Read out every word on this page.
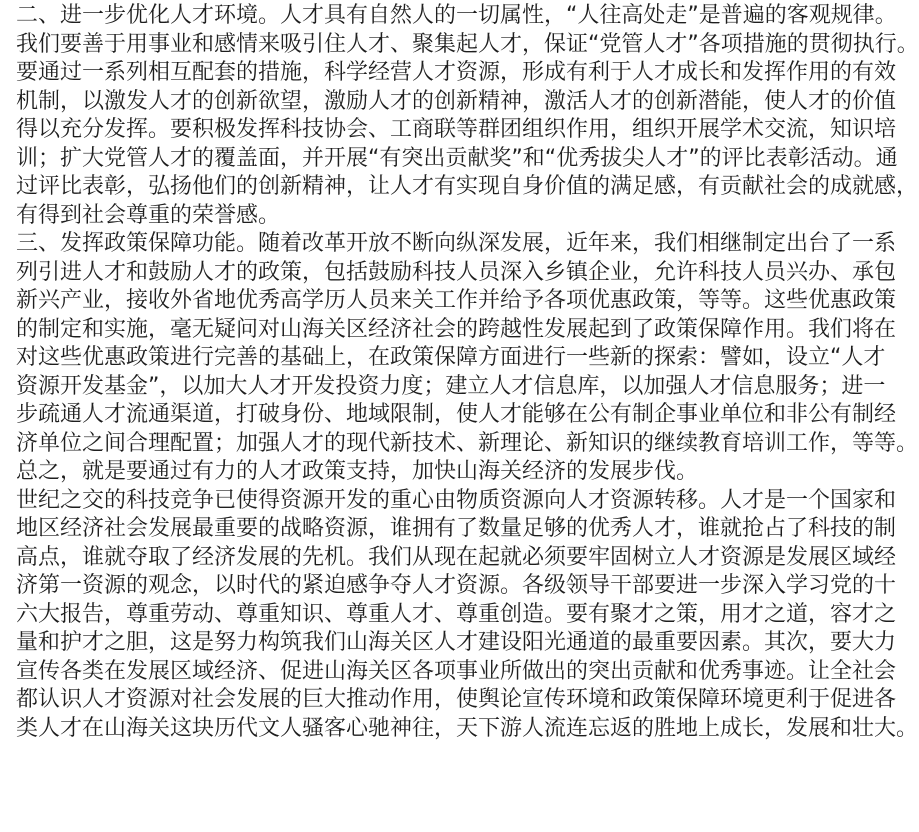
二、进一步优化人才环境。人才具有自然人的一切属性，“人往高处走”是普遍的客观规律。
我们要善于用事业和感情来吸引住人才、聚集起人才，保证“党管人才”各项措施的贯彻执行。
要通过一系列相互配套的措施，科学经营人才资源，形成有利于人才成长和发挥作用的有效
机制，以激发人才的创新欲望，激励人才的创新精神，激活人才的创新潜能，使人才的价值
得以充分发挥。要积极发挥科技协会、工商联等群团组织作用，组织开展学术交流，知识培
训；扩大党管人才的覆盖面，并开展“有突出贡献奖”和“优秀拔尖人才”的评比表彰活动。通
过评比表彰，弘扬他们的创新精神，让人才有实现自身价值的满足感，有贡献社会的成就感，
有得到社会尊重的荣誉感。
三、发挥政策保障功能。随着改革开放不断向纵深发展，近年来，我们相继制定出台了一系
列引进人才和鼓励人才的政策，包括鼓励科技人员深入乡镇企业，允许科技人员兴办、承包
新兴产业，接收外省地优秀高学历人员来关工作并给予各项优惠政策，等等。这些优惠政策
的制定和实施，毫无疑问对山海关区经济社会的跨越性发展起到了政策保障作用。我们将在
对这些优惠政策进行完善的基础上，在政策保障方面进行一些新的探索：譬如，设立“人才
资源开发基金”，以加大人才开发投资力度；建立人才信息库，以加强人才信息服务；进一
步疏通人才流通渠道，打破身份、地域限制，使人才能够在公有制企事业单位和非公有制经
济单位之间合理配置；加强人才的现代新技术、新理论、新知识的继续教育培训工作，等等。
总之，就是要通过有力的人才政策支持，加快山海关经济的发展步伐。
世纪之交的科技竞争已使得资源开发的重心由物质资源向人才资源转移。人才是一个国家和
地区经济社会发展最重要的战略资源，谁拥有了数量足够的优秀人才，谁就抢占了科技的制
高点，谁就夺取了经济发展的先机。我们从现在起就必须要牢固树立人才资源是发展区域经
济第一资源的观念，以时代的紧迫感争夺人才资源。各级领导干部要进一步深入学习党的十
六大报告，尊重劳动、尊重知识、尊重人才、尊重创造。要有聚才之策，用才之道，容才之
量和护才之胆，这是努力构筑我们山海关区人才建设阳光通道的最重要因素。其次，要大力
宣传各类在发展区域经济、促进山海关区各项事业所做出的突出贡献和优秀事迹。让全社会
都认识人才资源对社会发展的巨大推动作用，使舆论宣传环境和政策保障环境更利于促进各
类人才在山海关这块历代文人骚客心驰神往，天下游人流连忘返的胜地上成长，发展和壮大。
